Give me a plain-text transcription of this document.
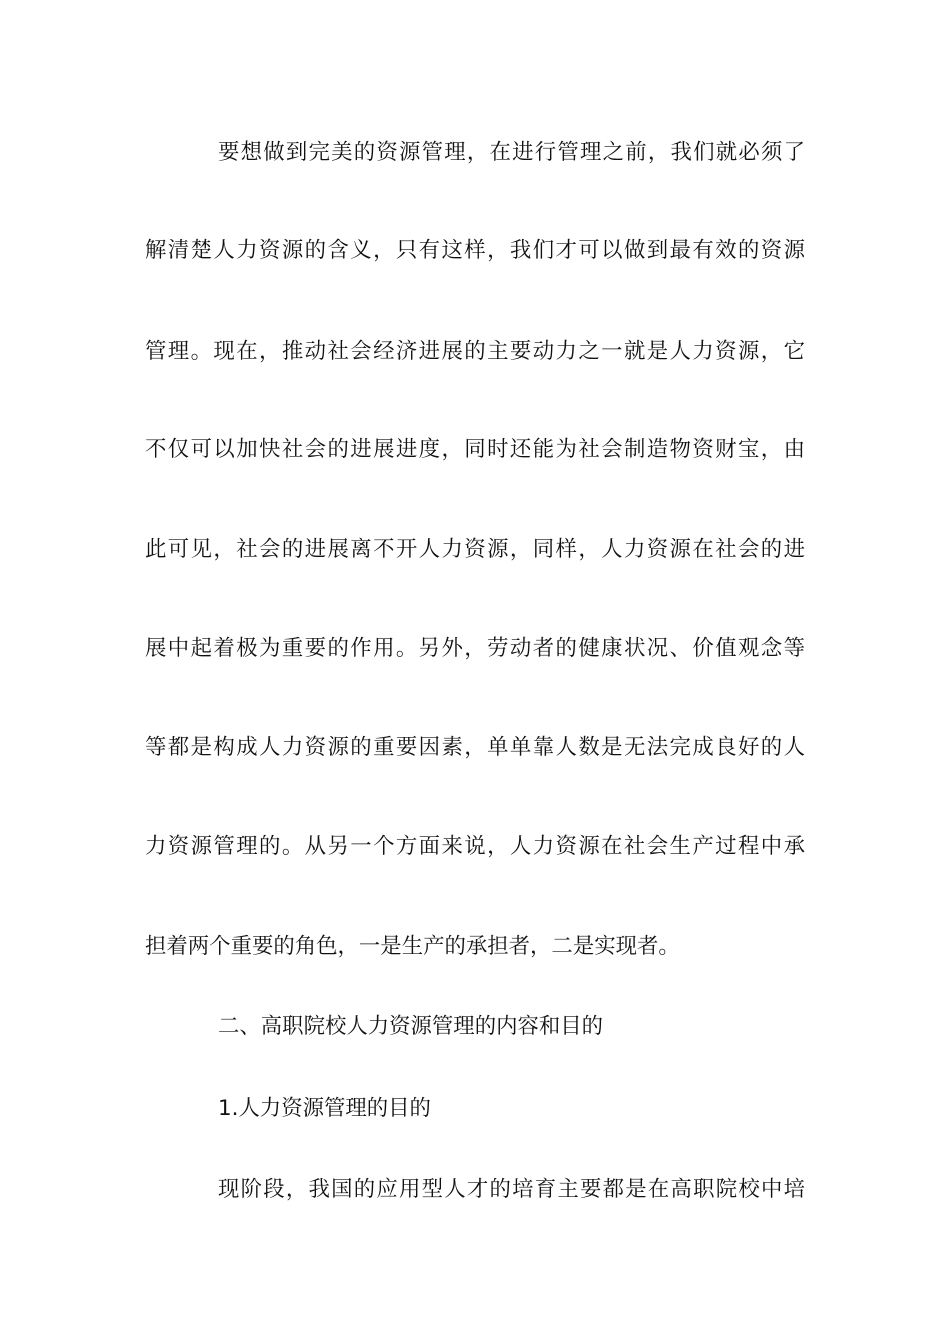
要想做到完美的资源管理，在进行管理之前，我们就必须了
解清楚人力资源的含义，只有这样，我们才可以做到最有效的资源
管理。现在，推动社会经济进展的主要动力之一就是人力资源，它
不仅可以加快社会的进展进度，同时还能为社会制造物资财宝，由
此可见，社会的进展离不开人力资源，同样，人力资源在社会的进
展中起着极为重要的作用。另外，劳动者的健康状况、价值观念等
等都是构成人力资源的重要因素，单单靠人数是无法完成良好的人
力资源管理的。从另一个方面来说，人力资源在社会生产过程中承
担着两个重要的角色，一是生产的承担者，二是实现者。
二、高职院校人力资源管理的内容和目的
1.人力资源管理的目的
现阶段，我国的应用型人才的培育主要都是在高职院校中培
